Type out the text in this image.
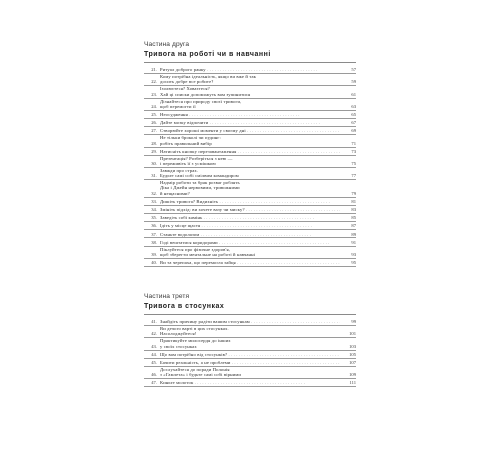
Частина друга
Тривога на роботі чи в навчанні
21. Ритуал доброго ранку . . .	57
22.
Кому потрібна ідеальність, якщо ви вже й так
досить добре все робите?	59
23.
Ізолюєтеся? Ховаєтеся?
Хай ці списки допоможуть вам зупинитися	61
24.
Дізнайтеся про природу своєї тривоги,
щоб перемогти її	63
25. Неосудження . . .	65
26. Дайте мозку відпочити . . .	67
27. Створюйте хороші моменти у своєму дні . . .	69
28.
Не тільки броколі чи пудинг:
робіть правильний вибір	71
29. Натисніть кнопку перезавантаження . . .	73
30.
Презентація? Розберіться з нею —
і переживіть її з усмішкою	75
31.
Завжди про страх.
Будьте самі собі смілвим командиром	77
32.
Надмір роботи та брак розваг роблять
Діка і Джейн нервовими, тривожними
й нещасними?	79
33. Дишіть тривога? Видихніть . . .	81
34. Змініть підхід: ви хочете вазу чи миску? . . .	83
35. Заведіть собі камінь . . .	85
36. Ідіть у місце щастя . . .	87
37. Станьте водолазом . . .	89
38. Годі вештатися коридорами . . .	91
39.
Піклуйтеся про фізичне здоров'я,
щоб зберегти ментальне на роботі й навчанні	93
40. Ви та черепаха, що перемогла зайця . . .	95
Частина третя
Тривога в стосунках
41. Знайдіть причину радіти вашим стосункам . . .	99
42.
Ви дечого варті в цих стосунках.
Насолоджуйтеся!	101
43.
Практикуйте милосердя до інших
у своїх стосунках	103
44. Що вам потрібно від стосунків? . . .	105
45. Бачити реальність, а не проблеми . . .	107
46.
Дослухайтеся до поради Полонія
з «Гамлета» і будьте самі собі вірними	109
47. Киньте молоток . . .	111
